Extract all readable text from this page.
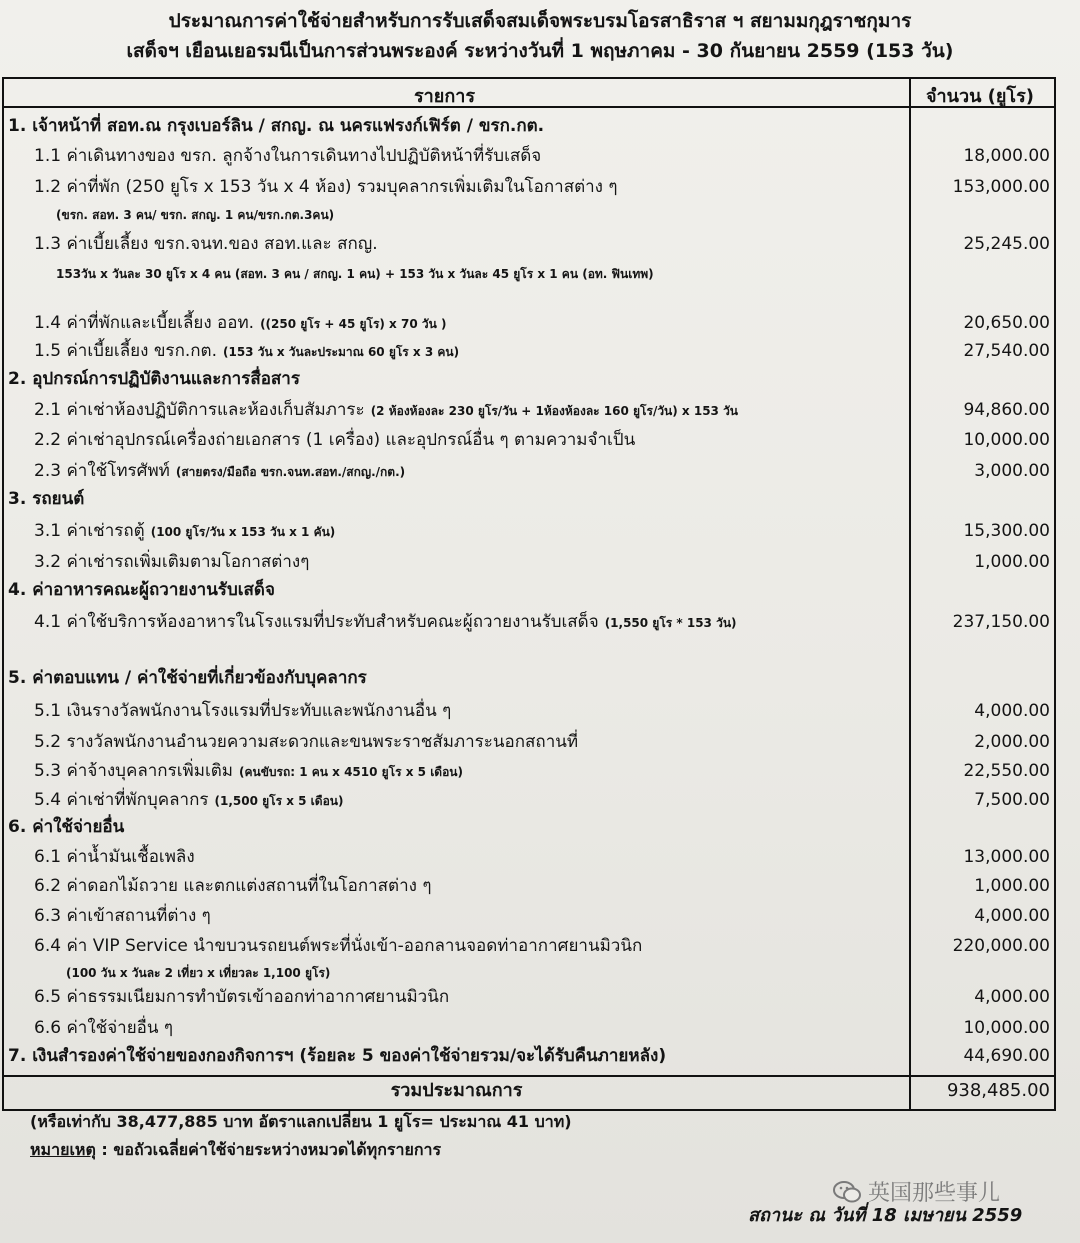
ประมาณการค่าใช้จ่ายสำหรับการรับเสด็จสมเด็จพระบรมโอรสาธิราส ฯ สยามมกุฎราชกุมาร
เสด็จฯ เยือนเยอรมนีเป็นการส่วนพระองค์ ระหว่างวันที่ 1 พฤษภาคม - 30 กันยายน 2559 (153 วัน)
รายการ	จำนวน (ยูโร)
1. เจ้าหน้าที่ สอท.ณ กรุงเบอร์ลิน / สกญ. ณ นครแฟรงก์เฟิร์ต / ขรก.กต.
1.1 ค่าเดินทางของ ขรก. ลูกจ้างในการเดินทางไปปฏิบัติหน้าที่รับเสด็จ	18,000.00
1.2 ค่าที่พัก (250 ยูโร x 153 วัน x 4 ห้อง) รวมบุคลากรเพิ่มเติมในโอกาสต่าง ๆ	153,000.00
1.3 ค่าเบี้ยเลี้ยง ขรก.จนท.ของ สอท.และ สกญ.	25,245.00
1.4 ค่าที่พักและเบี้ยเลี้ยง ออท. ((250 ยูโร + 45 ยูโร) x 70 วัน )	20,650.00
1.5 ค่าเบี้ยเลี้ยง ขรก.กต. (153 วัน x วันละประมาณ 60 ยูโร x 3 คน)	27,540.00
2. อุปกรณ์การปฏิบัติงานและการสื่อสาร
2.1 ค่าเช่าห้องปฏิบัติการและห้องเก็บสัมภาระ (2 ห้องห้องละ 230 ยูโร/วัน + 1ห้องห้องละ 160 ยูโร/วัน) x 153 วัน	94,860.00
2.2 ค่าเช่าอุปกรณ์เครื่องถ่ายเอกสาร (1 เครื่อง) และอุปกรณ์อื่น ๆ ตามความจำเป็น	10,000.00
2.3 ค่าใช้โทรศัพท์ (สายตรง/มือถือ ขรก.จนท.สอท./สกญ./กต.)	3,000.00
3. รถยนต์
3.1 ค่าเช่ารถตู้ (100 ยูโร/วัน x 153 วัน x 1 คัน)	15,300.00
3.2 ค่าเช่ารถเพิ่มเติมตามโอกาสต่างๆ	1,000.00
4. ค่าอาหารคณะผู้ถวายงานรับเสด็จ
4.1 ค่าใช้บริการห้องอาหารในโรงแรมที่ประทับสำหรับคณะผู้ถวายงานรับเสด็จ (1,550 ยูโร * 153 วัน)	237,150.00
5. ค่าตอบแทน / ค่าใช้จ่ายที่เกี่ยวข้องกับบุคลากร
5.1 เงินรางวัลพนักงานโรงแรมที่ประทับและพนักงานอื่น ๆ	4,000.00
5.2 รางวัลพนักงานอำนวยความสะดวกและขนพระราชสัมภาระนอกสถานที่	2,000.00
5.3 ค่าจ้างบุคลากรเพิ่มเติม (คนขับรถ: 1 คน x 4510 ยูโร x 5 เดือน)	22,550.00
5.4 ค่าเช่าที่พักบุคลากร (1,500 ยูโร x 5 เดือน)	7,500.00
6. ค่าใช้จ่ายอื่น
6.1 ค่าน้ำมันเชื้อเพลิง	13,000.00
6.2 ค่าดอกไม้ถวาย และตกแต่งสถานที่ในโอกาสต่าง ๆ	1,000.00
6.3 ค่าเข้าสถานที่ต่าง ๆ	4,000.00
6.4 ค่า VIP Service นำขบวนรถยนต์พระที่นั่งเข้า-ออกลานจอดท่าอากาศยานมิวนิก	220,000.00
6.5 ค่าธรรมเนียมการทำบัตรเข้าออกท่าอากาศยานมิวนิก	4,000.00
6.6 ค่าใช้จ่ายอื่น ๆ	10,000.00
7. เงินสำรองค่าใช้จ่ายของกองกิจการฯ (ร้อยละ 5 ของค่าใช้จ่ายรวม/จะได้รับคืนภายหลัง)	44,690.00
(ขรก. สอท. 3 คน/ ขรก. สกญ. 1 คน/ขรก.กต.3คน)
153วัน x วันละ 30 ยูโร x 4 คน (สอท. 3 คน / สกญ. 1 คน) + 153 วัน x วันละ 45 ยูโร x 1 คน (อท. ฟินเทพ)
(100 วัน x วันละ 2 เที่ยว x เที่ยวละ 1,100 ยูโร)
รวมประมาณการ	938,485.00
(หรือเท่ากับ 38,477,885 บาท อัตราแลกเปลี่ยน 1 ยูโร= ประมาณ 41 บาท)
หมายเหตุ : ขอถัวเฉลี่ยค่าใช้จ่ายระหว่างหมวดได้ทุกรายการ
英国那些事儿
สถานะ ณ วันที่ 18 เมษายน 2559
